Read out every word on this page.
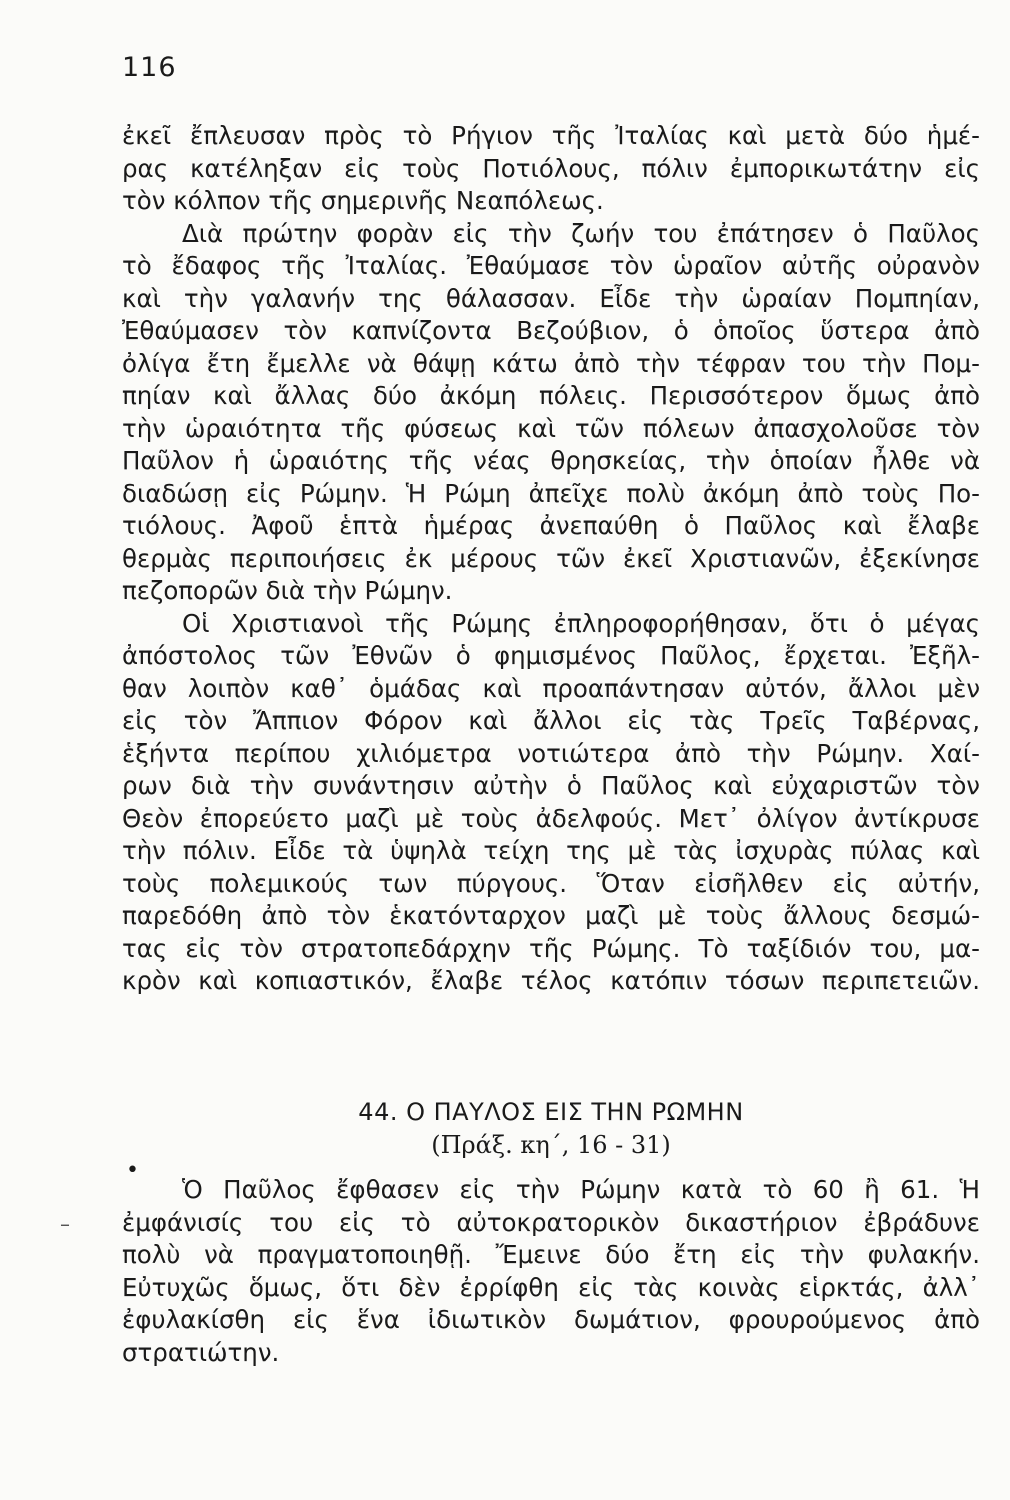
116
ἐκεῖ ἔπλευσαν πρὸς τὸ Ρήγιον τῆς Ἰταλίας καὶ μετὰ δύο ἡμέ-
ρας κατέληξαν εἰς τοὺς Ποτιόλους, πόλιν ἐμπορικωτάτην εἰς
τὸν κόλπον τῆς σημερινῆς Νεαπόλεως.
Διὰ πρώτην φορὰν εἰς τὴν ζωήν του ἐπάτησεν ὁ Παῦλος
τὸ ἔδαφος τῆς Ἰταλίας. Ἐθαύμασε τὸν ὡραῖον αὐτῆς οὐρανὸν
καὶ τὴν γαλανήν της θάλασσαν. Εἶδε τὴν ὡραίαν Πομπηίαν,
Ἐθαύμασεν τὸν καπνίζοντα Βεζούβιον, ὁ ὁποῖος ὕστερα ἀπὸ
ὀλίγα ἔτη ἔμελλε νὰ θάψῃ κάτω ἀπὸ τὴν τέφραν του τὴν Πομ-
πηίαν καὶ ἄλλας δύο ἀκόμη πόλεις. Περισσότερον ὅμως ἀπὸ
τὴν ὡραιότητα τῆς φύσεως καὶ τῶν πόλεων ἀπασχολοῦσε τὸν
Παῦλον ἡ ὡραιότης τῆς νέας θρησκείας, τὴν ὁποίαν ἦλθε νὰ
διαδώσῃ εἰς Ρώμην. Ἡ Ρώμη ἀπεῖχε πολὺ ἀκόμη ἀπὸ τοὺς Πο-
τιόλους. Ἀφοῦ ἑπτὰ ἡμέρας ἀνεπαύθη ὁ Παῦλος καὶ ἔλαβε
θερμὰς περιποιήσεις ἐκ μέρους τῶν ἐκεῖ Χριστιανῶν, ἐξεκίνησε
πεζοπορῶν διὰ τὴν Ρώμην.
Οἱ Χριστιανοὶ τῆς Ρώμης ἐπληροφορήθησαν, ὅτι ὁ μέγας
ἀπόστολος τῶν Ἐθνῶν ὁ φημισμένος Παῦλος, ἔρχεται. Ἐξῆλ-
θαν λοιπὸν καθ᾽ ὁμάδας καὶ προαπάντησαν αὐτόν, ἄλλοι μὲν
εἰς τὸν Ἄππιον Φόρον καὶ ἄλλοι εἰς τὰς Τρεῖς Ταβέρνας,
ἑξήντα περίπου χιλιόμετρα νοτιώτερα ἀπὸ τὴν Ρώμην. Χαί-
ρων διὰ τὴν συνάντησιν αὐτὴν ὁ Παῦλος καὶ εὐχαριστῶν τὸν
Θεὸν ἐπορεύετο μαζὶ μὲ τοὺς ἀδελφούς. Μετ᾽ ὀλίγον ἀντίκρυσε
τὴν πόλιν. Εἶδε τὰ ὑψηλὰ τείχη της μὲ τὰς ἰσχυρὰς πύλας καὶ
τοὺς πολεμικούς των πύργους. Ὅταν εἰσῆλθεν εἰς αὐτήν,
παρεδόθη ἀπὸ τὸν ἑκατόνταρχον μαζὶ μὲ τοὺς ἄλλους δεσμώ-
τας εἰς τὸν στρατοπεδάρχην τῆς Ρώμης. Τὸ ταξίδιόν του, μα-
κρὸν καὶ κοπιαστικόν, ἔλαβε τέλος κατόπιν τόσων περιπετειῶν.
44. Ο ΠΑΥΛΟΣ ΕΙΣ ΤΗΝ ΡΩΜΗΝ
(Πράξ. κη΄, 16 - 31)
•
–
Ὁ Παῦλος ἔφθασεν εἰς τὴν Ρώμην κατὰ τὸ 60 ἢ 61. Ἡ
ἐμφάνισίς του εἰς τὸ αὐτοκρατορικὸν δικαστήριον ἐβράδυνε
πολὺ νὰ πραγματοποιηθῇ. Ἔμεινε δύο ἔτη εἰς τὴν φυλακήν.
Εὐτυχῶς ὅμως, ὅτι δὲν ἐρρίφθη εἰς τὰς κοινὰς εἱρκτάς, ἀλλ᾽
ἐφυλακίσθη εἰς ἕνα ἰδιωτικὸν δωμάτιον, φρουρούμενος ἀπὸ
στρατιώτην.
